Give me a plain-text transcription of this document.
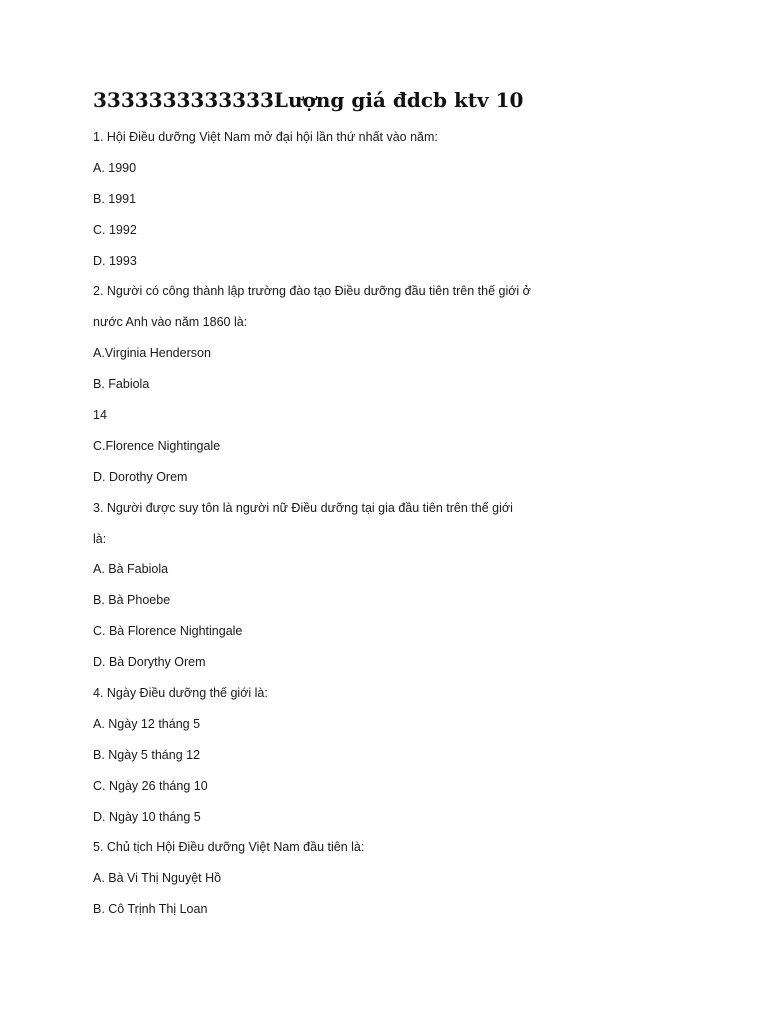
3333333333333Lượng giá đdcb ktv 10
1. Hội Điều dưỡng Việt Nam mở đại hội lần thứ nhất vào năm:
A. 1990
B. 1991
C. 1992
D. 1993
2. Người có công thành lập trường đào tạo Điều dưỡng đầu tiên trên thế giới ở
nước Anh vào năm 1860 là:
A.Virginia Henderson
B. Fabiola
14
C.Florence Nightingale
D. Dorothy Orem
3. Người được suy tôn là người nữ Điều dưỡng tại gia đầu tiên trên thế giới
là:
A. Bà Fabiola
B. Bà Phoebe
C. Bà Florence Nightingale
D. Bà Dorythy Orem
4. Ngày Điều dưỡng thế giới là:
A. Ngày 12 tháng 5
B. Ngày 5 tháng 12
C. Ngày 26 tháng 10
D. Ngày 10 tháng 5
5. Chủ tịch Hội Điều dưỡng Việt Nam đầu tiên là:
A. Bà Vi Thị Nguyệt Hồ
B. Cô Trịnh Thị Loan
